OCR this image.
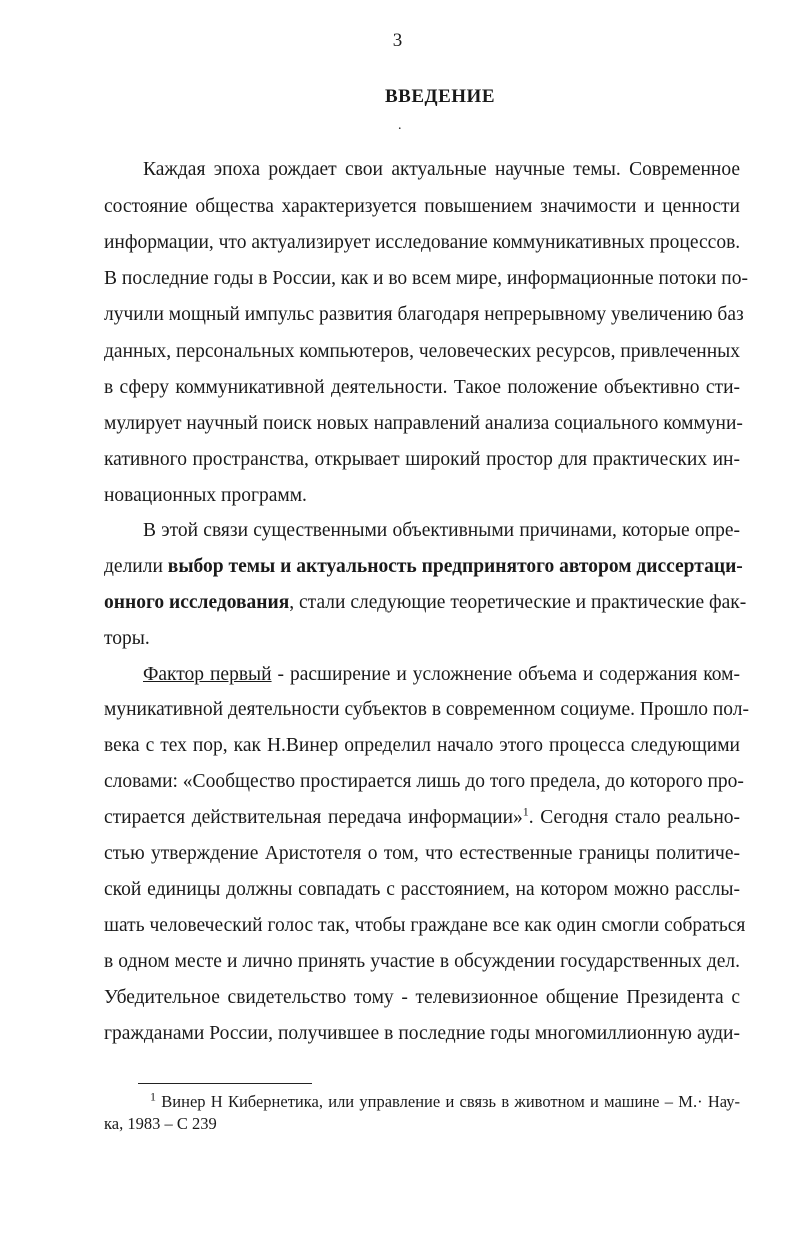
3
ВВЕДЕНИЕ
.
Каждая эпоха рождает свои актуальные научные темы. Современное
состояние общества характеризуется повышением значимости и ценности
информации, что актуализирует исследование коммуникативных процессов.
В последние годы в России, как и во всем мире, информационные потоки по-
лучили мощный импульс развития благодаря непрерывному увеличению баз
данных, персональных компьютеров, человеческих ресурсов, привлеченных
в сферу коммуникативной деятельности. Такое положение объективно сти-
мулирует научный поиск новых направлений анализа социального коммуни-
кативного пространства, открывает широкий простор для практических ин-
новационных программ.
В этой связи существенными объективными причинами, которые опре-
делили выбор темы и актуальность предпринятого автором диссертаци-
онного исследования, стали следующие теоретические и практические фак-
торы.
Фактор первый - расширение и усложнение объема и содержания ком-
муникативной деятельности субъектов в современном социуме. Прошло пол-
века с тех пор, как Н.Винер определил начало этого процесса следующими
словами: «Сообщество простирается лишь до того предела, до которого про-
стирается действительная передача информации»$^1$. Сегодня стало реально-
стью утверждение Аристотеля о том, что естественные границы политиче-
ской единицы должны совпадать с расстоянием, на котором можно расслы-
шать человеческий голос так, чтобы граждане все как один смогли собраться
в одном месте и лично принять участие в обсуждении государственных дел.
Убедительное свидетельство тому - телевизионное общение Президента с
гражданами России, получившее в последние годы многомиллионную ауди-
$^1$ Винер Н Кибернетика, или управление и связь в животном и машине – М.· Нау-
ка, 1983 – С 239
